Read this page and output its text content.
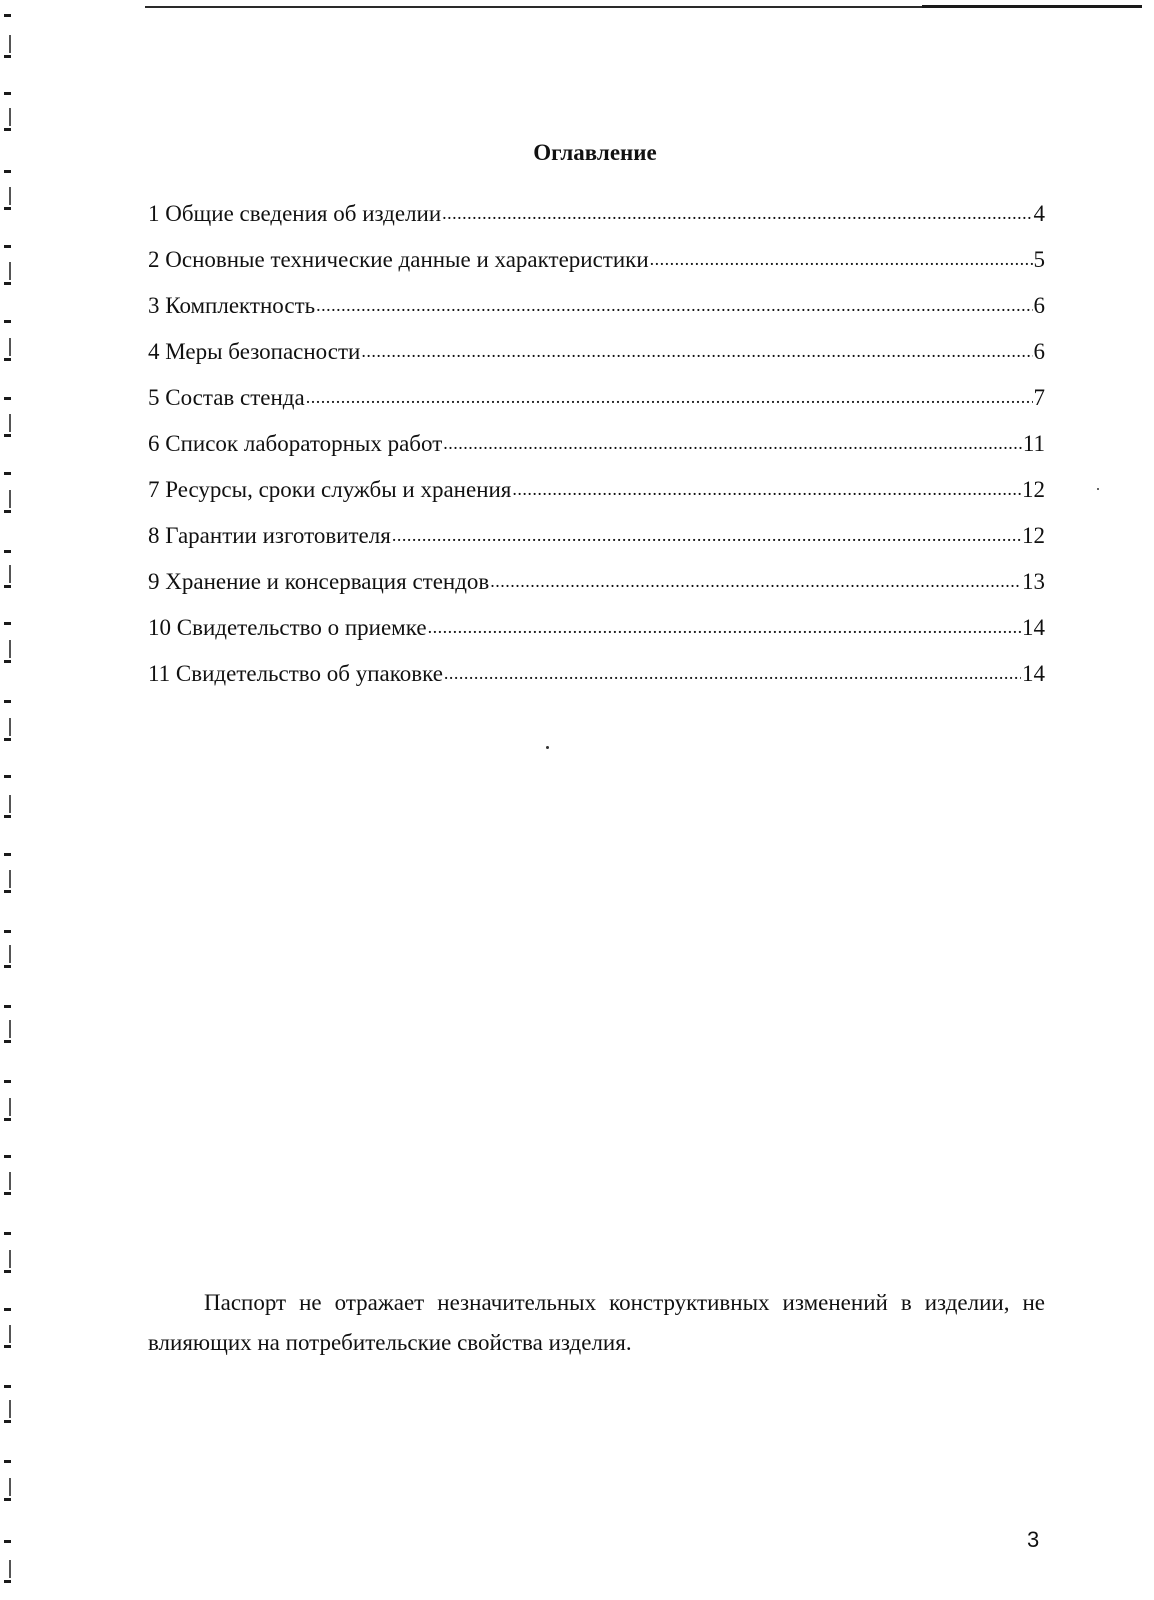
Оглавление
1 Общие сведения об изделии .....	4
2 Основные технические данные и характеристики .....	5
3 Комплектность .....	6
4 Меры безопасности .....	6
5 Состав стенда .....	7
6 Список лабораторных работ .....	11
7 Ресурсы, сроки службы и хранения .....	12
8 Гарантии изготовителя .....	12
9 Хранение и консервация стендов .....	13
10 Свидетельство о приемке .....	14
11 Свидетельство об упаковке .....	14

Паспорт не отражает незначительных конструктивных изменений в изделии, не влияющих на потребительские свойства изделия.

3
